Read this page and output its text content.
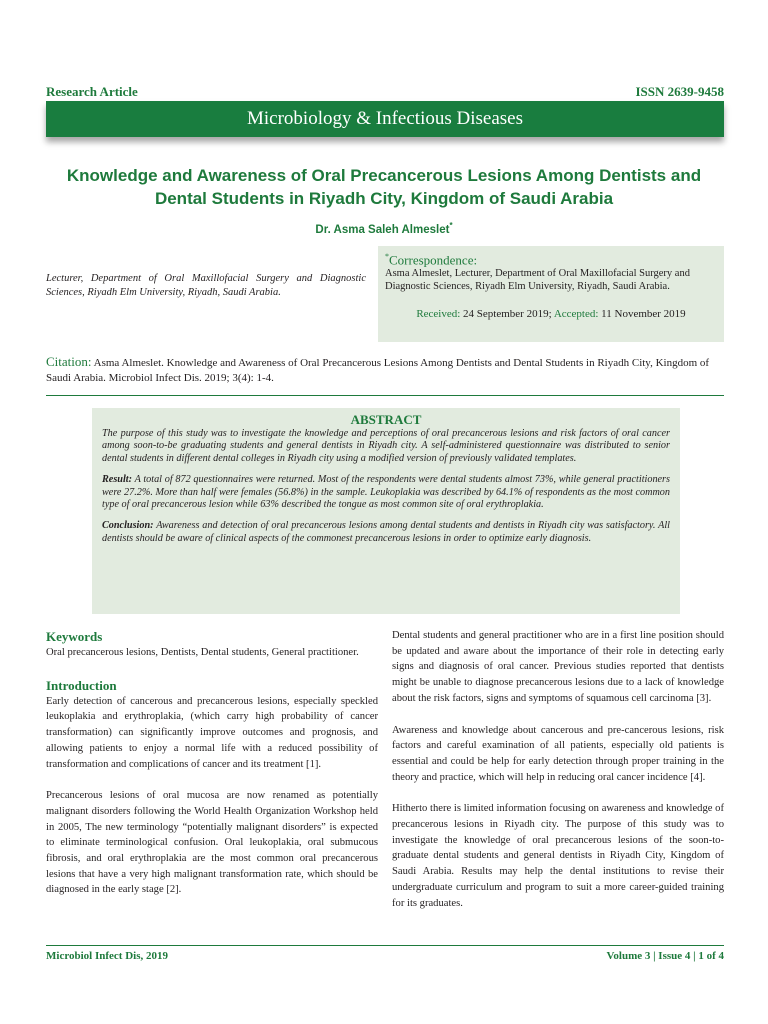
Research Article	ISSN 2639-9458
Microbiology & Infectious Diseases
Knowledge and Awareness of Oral Precancerous Lesions Among Dentists and Dental Students in Riyadh City, Kingdom of Saudi Arabia
Dr. Asma Saleh Almeslet*
Lecturer, Department of Oral Maxillofacial Surgery and Diagnostic Sciences, Riyadh Elm University, Riyadh, Saudi Arabia.
*Correspondence:
Asma Almeslet, Lecturer, Department of Oral Maxillofacial Surgery and Diagnostic Sciences, Riyadh Elm University, Riyadh, Saudi Arabia.
Received: 24 September 2019; Accepted: 11 November 2019
Citation: Asma Almeslet. Knowledge and Awareness of Oral Precancerous Lesions Among Dentists and Dental Students in Riyadh City, Kingdom of Saudi Arabia. Microbiol Infect Dis. 2019; 3(4): 1-4.
ABSTRACT

The purpose of this study was to investigate the knowledge and perceptions of oral precancerous lesions and risk factors of oral cancer among soon-to-be graduating students and general dentists in Riyadh city. A self-administered questionnaire was distributed to senior dental students in different dental colleges in Riyadh city using a modified version of previously validated templates.

Result: A total of 872 questionnaires were returned. Most of the respondents were dental students almost 73%, while general practitioners were 27.2%. More than half were females (56.8%) in the sample. Leukoplakia was described by 64.1% of respondents as the most common type of oral precancerous lesion while 63% described the tongue as most common site of oral erythroplakia.

Conclusion: Awareness and detection of oral precancerous lesions among dental students and dentists in Riyadh city was satisfactory. All dentists should be aware of clinical aspects of the commonest precancerous lesions in order to optimize early diagnosis.

Keywords

Oral precancerous lesions, Dentists, Dental students, General practitioner.

Introduction

Early detection of cancerous and precancerous lesions, especially speckled leukoplakia and erythroplakia, (which carry high probability of cancer transformation) can significantly improve outcomes and prognosis, and allowing patients to enjoy a normal life with a reduced possibility of transformation and complications of cancer and its treatment [1].

Precancerous lesions of oral mucosa are now renamed as potentially malignant disorders following the World Health Organization Workshop held in 2005, The new terminology “potentially malignant disorders” is expected to eliminate terminological confusion. Oral leukoplakia, oral submucous fibrosis, and oral erythroplakia are the most common oral precancerous lesions that have a very high malignant transformation rate, which should be diagnosed in the early stage [2].

Dental students and general practitioner who are in a first line position should be updated and aware about the importance of their role in detecting early signs and diagnosis of oral cancer. Previous studies reported that dentists might be unable to diagnose precancerous lesions due to a lack of knowledge about the risk factors, signs and symptoms of squamous cell carcinoma [3].

Awareness and knowledge about cancerous and pre-cancerous lesions, risk factors and careful examination of all patients, especially old patients is essential and could be help for early detection through proper training in the theory and practice, which will help in reducing oral cancer incidence [4].

Hitherto there is limited information focusing on awareness and knowledge of precancerous lesions in Riyadh city. The purpose of this study was to investigate the knowledge of oral precancerous lesions of the soon-to- graduate dental students and general dentists in Riyadh City, Kingdom of Saudi Arabia. Results may help the dental institutions to revise their undergraduate curriculum and program to suit a more career-guided training for its graduates.

Microbiol Infect Dis, 2019	Volume 3 | Issue 4 | 1 of 4
